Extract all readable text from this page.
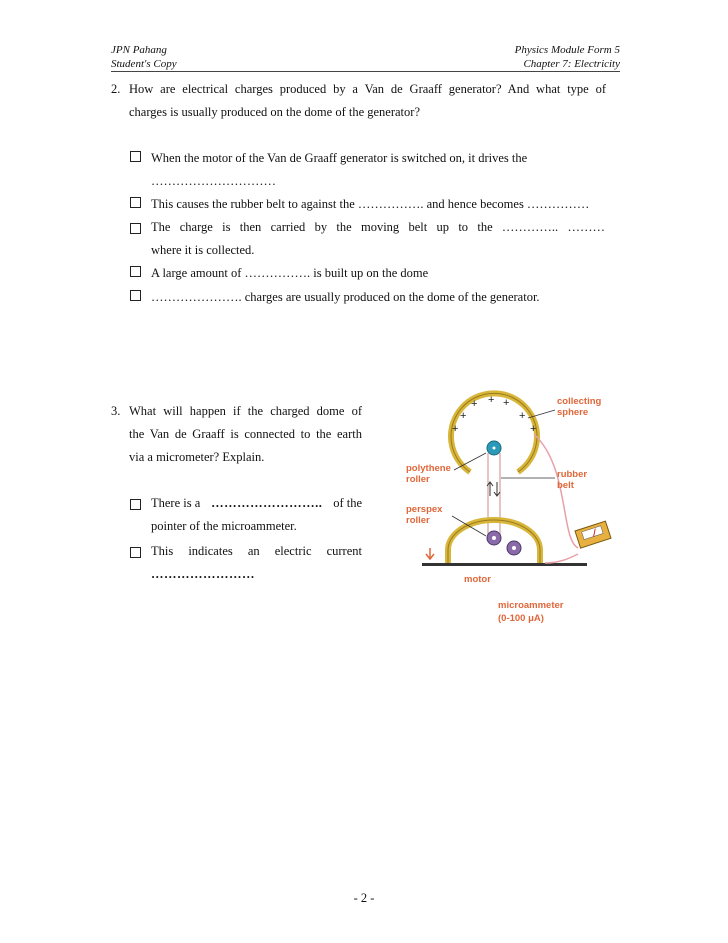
JPN Pahang
Student's Copy
Physics Module Form 5
Chapter 7: Electricity
2. How are electrical charges produced by a Van de Graaff generator? And what type of
charges is usually produced on the dome of the generator?
When the motor of the Van de Graaff generator is switched on, it drives the
…………………………
This causes the rubber belt to against the ……………. and hence becomes ……………
The charge is then carried by the moving belt up to the ………….. ………
where it is collected.
A large amount of ……………. is built up on the dome
…………………. charges are usually produced on the dome of the generator.
3. What will happen if the charged dome of
the Van de Graaff is connected to the earth
via a micrometer? Explain.
There is a …………………….. of the
pointer of the microammeter.
This indicates an electric current
……………………
+
+ + +
+
+	+
collecting
sphere
polythene
roller	rubber
belt
perspex
roller
motor
microammeter
(0-100 μA)
- 2 -
